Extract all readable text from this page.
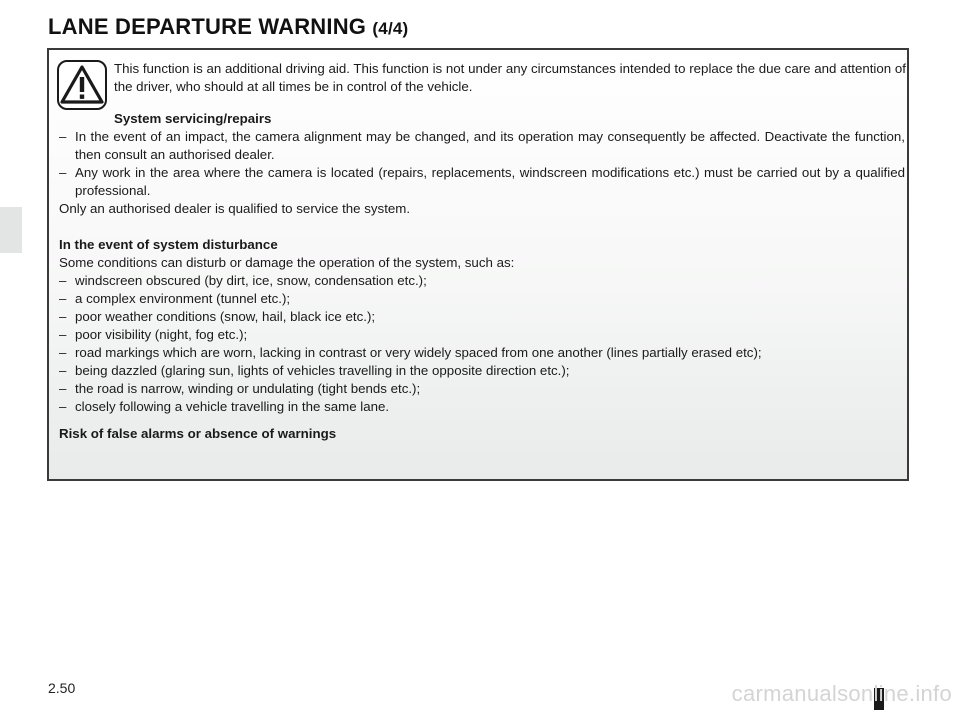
LANE DEPARTURE WARNING (4/4)

This function is an additional driving aid. This function is not under any circumstances intended to replace the due care and attention of the driver, who should at all times be in control of the vehicle.

System servicing/repairs

– In the event of an impact, the camera alignment may be changed, and its operation may consequently be affected. Deactivate the function, then consult an authorised dealer.
– Any work in the area where the camera is located (repairs, replacements, windscreen modifications etc.) must be carried out by a qualified professional.

Only an authorised dealer is qualified to service the system.

In the event of system disturbance

Some conditions can disturb or damage the operation of the system, such as:

– windscreen obscured (by dirt, ice, snow, condensation etc.);
– a complex environment (tunnel etc.);
– poor weather conditions (snow, hail, black ice etc.);
– poor visibility (night, fog etc.);
– road markings which are worn, lacking in contrast or very widely spaced from one another (lines partially erased etc);
– being dazzled (glaring sun, lights of vehicles travelling in the opposite direction etc.);
– the road is narrow, winding or undulating (tight bends etc.);
– closely following a vehicle travelling in the same lane.

Risk of false alarms or absence of warnings

2.50	carmanualsonline.info
